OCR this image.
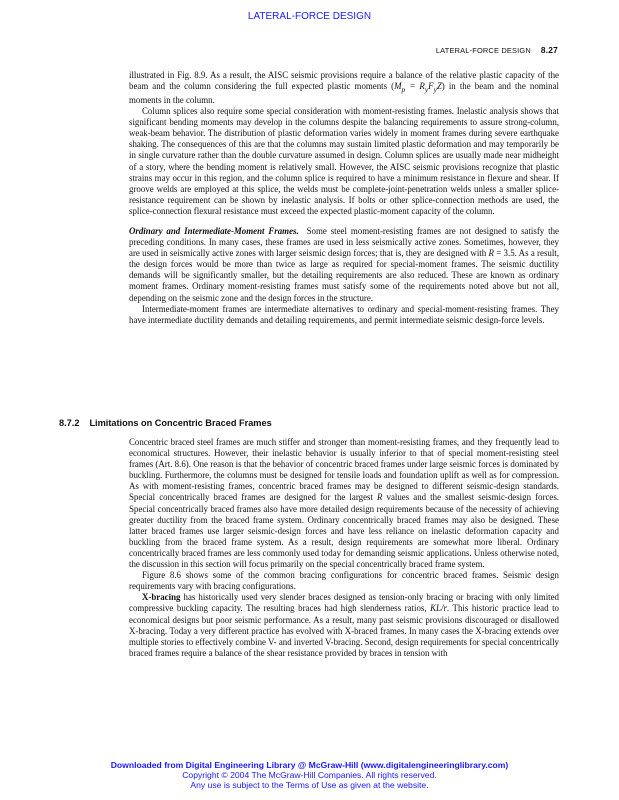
LATERAL-FORCE DESIGN
LATERAL-FORCE DESIGN 8.27

illustrated in Fig. 8.9. As a result, the AISC seismic provisions require a balance of the relative plastic capacity of the beam and the column considering the full expected plastic moments $(M_p = R_yF_yZ)$ in the beam and the nominal moments in the column.

Column splices also require some special consideration with moment-resisting frames. Inelastic analysis shows that significant bending moments may develop in the columns despite the balancing requirements to assure strong-column, weak-beam behavior. The distribution of plastic deformation varies widely in moment frames during severe earthquake shaking. The consequences of this are that the columns may sustain limited plastic deformation and may temporarily be in single curvature rather than the double curvature assumed in design. Column splices are usually made near midheight of a story, where the bending moment is relatively small. However, the AISC seismic provisions recognize that plastic strains may occur in this region, and the column splice is required to have a minimum resistance in flexure and shear. If groove welds are employed at this splice, the welds must be complete-joint-penetration welds unless a smaller splice-resistance requirement can be shown by inelastic analysis. If bolts or other splice-connection methods are used, the splice-connection flexural resistance must exceed the expected plastic-moment capacity of the column.

Ordinary and Intermediate-Moment Frames. Some steel moment-resisting frames are not designed to satisfy the preceding conditions. In many cases, these frames are used in less seismically active zones. Sometimes, however, they are used in seismically active zones with larger seismic design forces; that is, they are designed with R = 3.5. As a result, the design forces would be more than twice as large as required for special-moment frames. The seismic ductility demands will be significantly smaller, but the detailing requirements are also reduced. These are known as ordinary moment frames. Ordinary moment-resisting frames must satisfy some of the requirements noted above but not all, depending on the seismic zone and the design forces in the structure.

Intermediate-moment frames are intermediate alternatives to ordinary and special-moment-resisting frames. They have intermediate ductility demands and detailing requirements, and permit intermediate seismic design-force levels.

8.7.2 Limitations on Concentric Braced Frames

Concentric braced steel frames are much stiffer and stronger than moment-resisting frames, and they frequently lead to economical structures. However, their inelastic behavior is usually inferior to that of special moment-resisting steel frames (Art. 8.6). One reason is that the behavior of concentric braced frames under large seismic forces is dominated by buckling. Furthermore, the columns must be designed for tensile loads and foundation uplift as well as for compression. As with moment-resisting frames, concentric braced frames may be designed to different seismic-design standards. Special concentrically braced frames are designed for the largest R values and the smallest seismic-design forces. Special concentrically braced frames also have more detailed design requirements because of the necessity of achieving greater ductility from the braced frame system. Ordinary concentrically braced frames may also be designed. These latter braced frames use larger seismic-design forces and have less reliance on inelastic deformation capacity and buckling from the braced frame system. As a result, design requirements are somewhat more liberal. Ordinary concentrically braced frames are less commonly used today for demanding seismic applications. Unless otherwise noted, the discussion in this section will focus primarily on the special concentrically braced frame system.

Figure 8.6 shows some of the common bracing configurations for concentric braced frames. Seismic design requirements vary with bracing configurations.

X-bracing has historically used very slender braces designed as tension-only bracing or bracing with only limited compressive buckling capacity. The resulting braces had high slenderness ratios, KL/r. This historic practice lead to economical designs but poor seismic performance. As a result, many past seismic provisions discouraged or disallowed X-bracing. Today a very different practice has evolved with X-braced frames. In many cases the X-bracing extends over multiple stories to effectively combine V- and inverted V-bracing. Second, design requirements for special concentrically braced frames require a balance of the shear resistance provided by braces in tension with

Downloaded from Digital Engineering Library @ McGraw-Hill (www.digitalengineeringlibrary.com)
Copyright © 2004 The McGraw-Hill Companies. All rights reserved.
Any use is subject to the Terms of Use as given at the website.
